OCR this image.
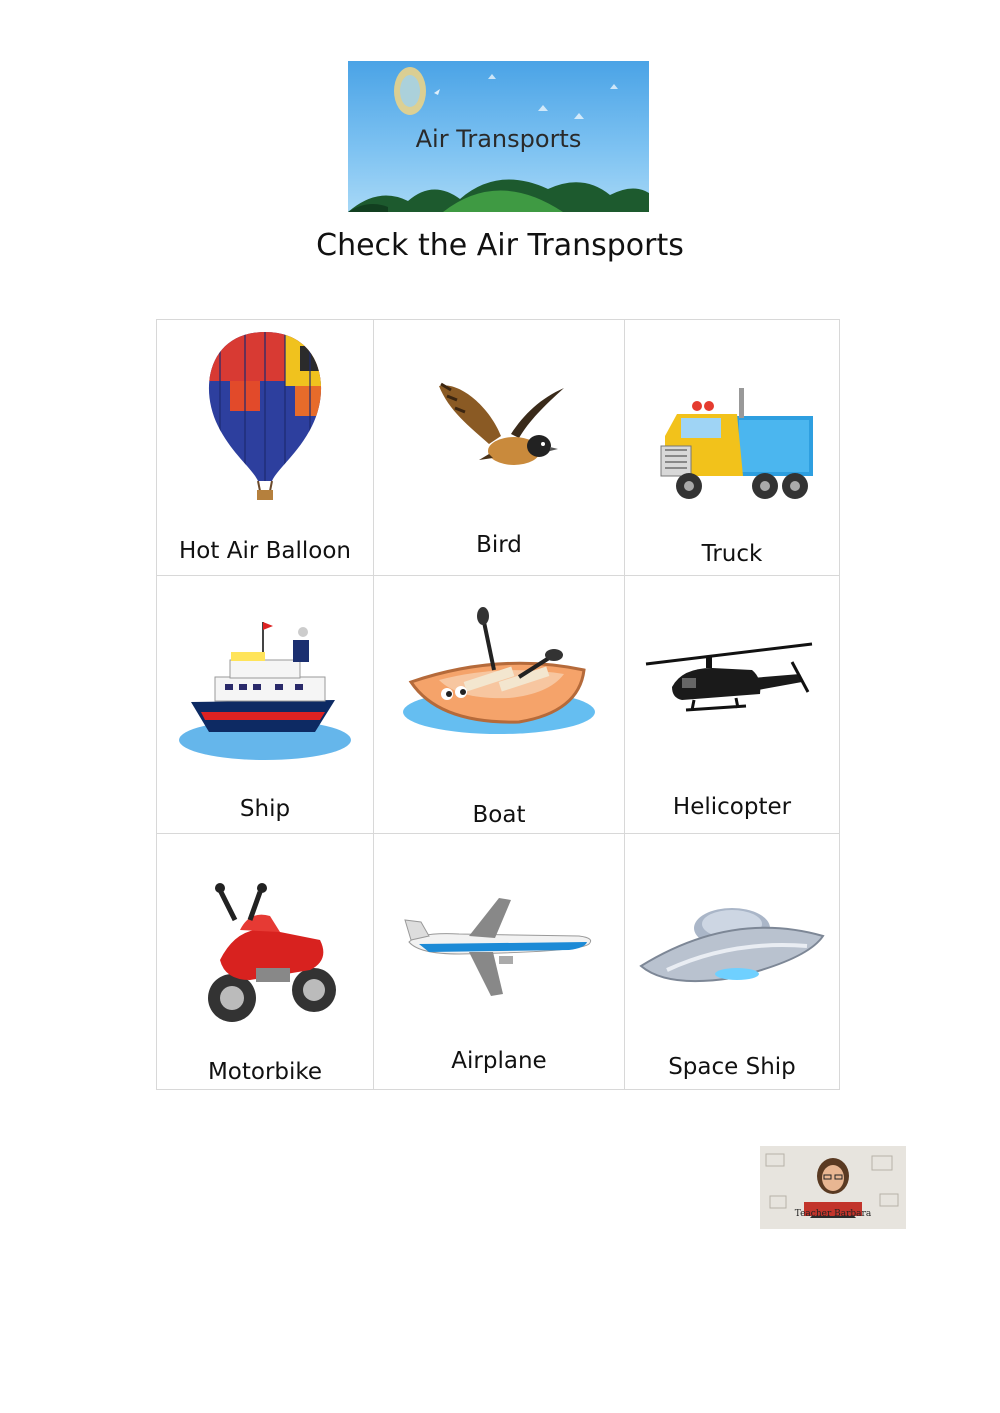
Air Transports
Check the Air Transports
Hot Air Balloon	Bird	Truck

Ship	Boat	Helicopter

Motorbike	Airplane	Space Ship
Teacher Barbara
